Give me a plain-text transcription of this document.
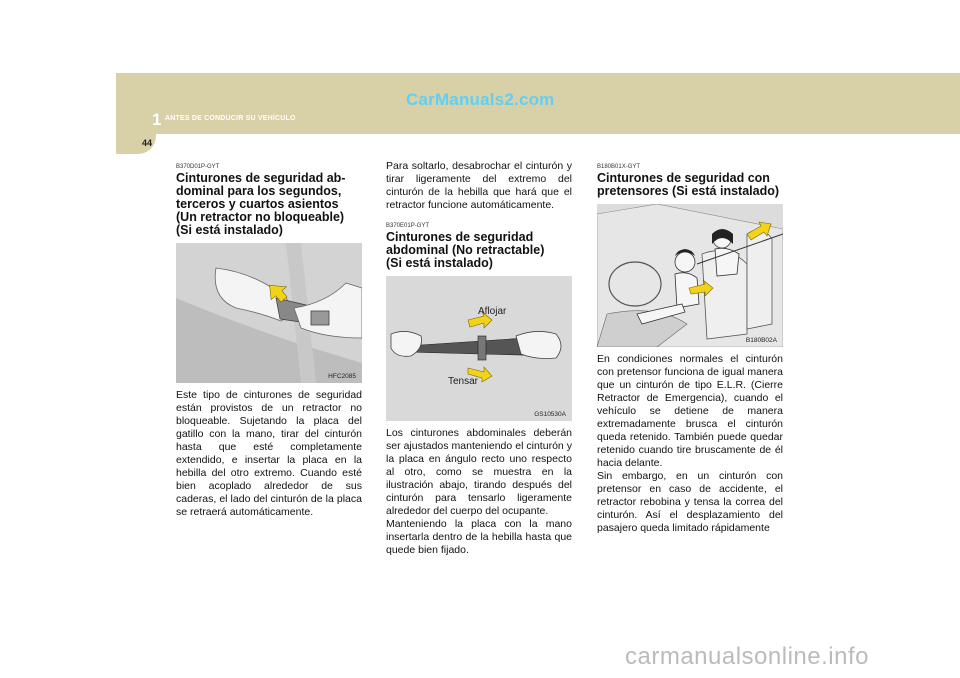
1 ANTES DE CONDUCIR SU VEHÍCULO
44
CarManuals2.com

B370D01P-GYT

Cinturones de seguridad ab-
dominal para los segundos,
terceros y cuartos asientos
(Un retractor no bloqueable)
(Si está instalado)
HFC2085

Este tipo de cinturones de seguridad están provistos de un retractor no bloqueable. Sujetando la placa del gatillo con la mano, tirar del cinturón hasta que esté completamente extendido, e insertar la placa en la hebilla del otro extremo. Cuando esté bien acoplado alrededor de sus caderas, el lado del cinturón de la placa se retraerá automáticamente.

Para soltarlo, desabrochar el cinturón y tirar ligeramente del extremo del cinturón de la hebilla que hará que el retractor funcione automáticamente.

B370E01P-GYT

Cinturones de seguridad
abdominal (No retractable)
(Si está instalado)
Aflojar
Tensar
GS10530A

Los cinturones abdominales deberán ser ajustados manteniendo el cinturón y la placa en ángulo recto uno respecto al otro, como se muestra en la ilustración abajo, tirando después del cinturón para tensarlo ligeramente alrededor del cuerpo del ocupante.

Manteniendo la placa con la mano insertarla dentro de la hebilla hasta que quede bien fijado.

B180B01X-GYT

Cinturones de seguridad con
pretensores (Si está instalado)
B180B02A

En condiciones normales el cinturón con pretensor funciona de igual manera que un cinturón de tipo E.L.R. (Cierre Retractor de Emergencia), cuando el vehículo se detiene de manera extremadamente brusca el cinturón queda retenido. También puede quedar retenido cuando tire bruscamente de él hacia delante.

Sin embargo, en un cinturón con pretensor en caso de accidente, el retractor rebobina y tensa la correa del cinturón. Así el desplazamiento del pasajero queda limitado rápidamente

carmanualsonline.info
